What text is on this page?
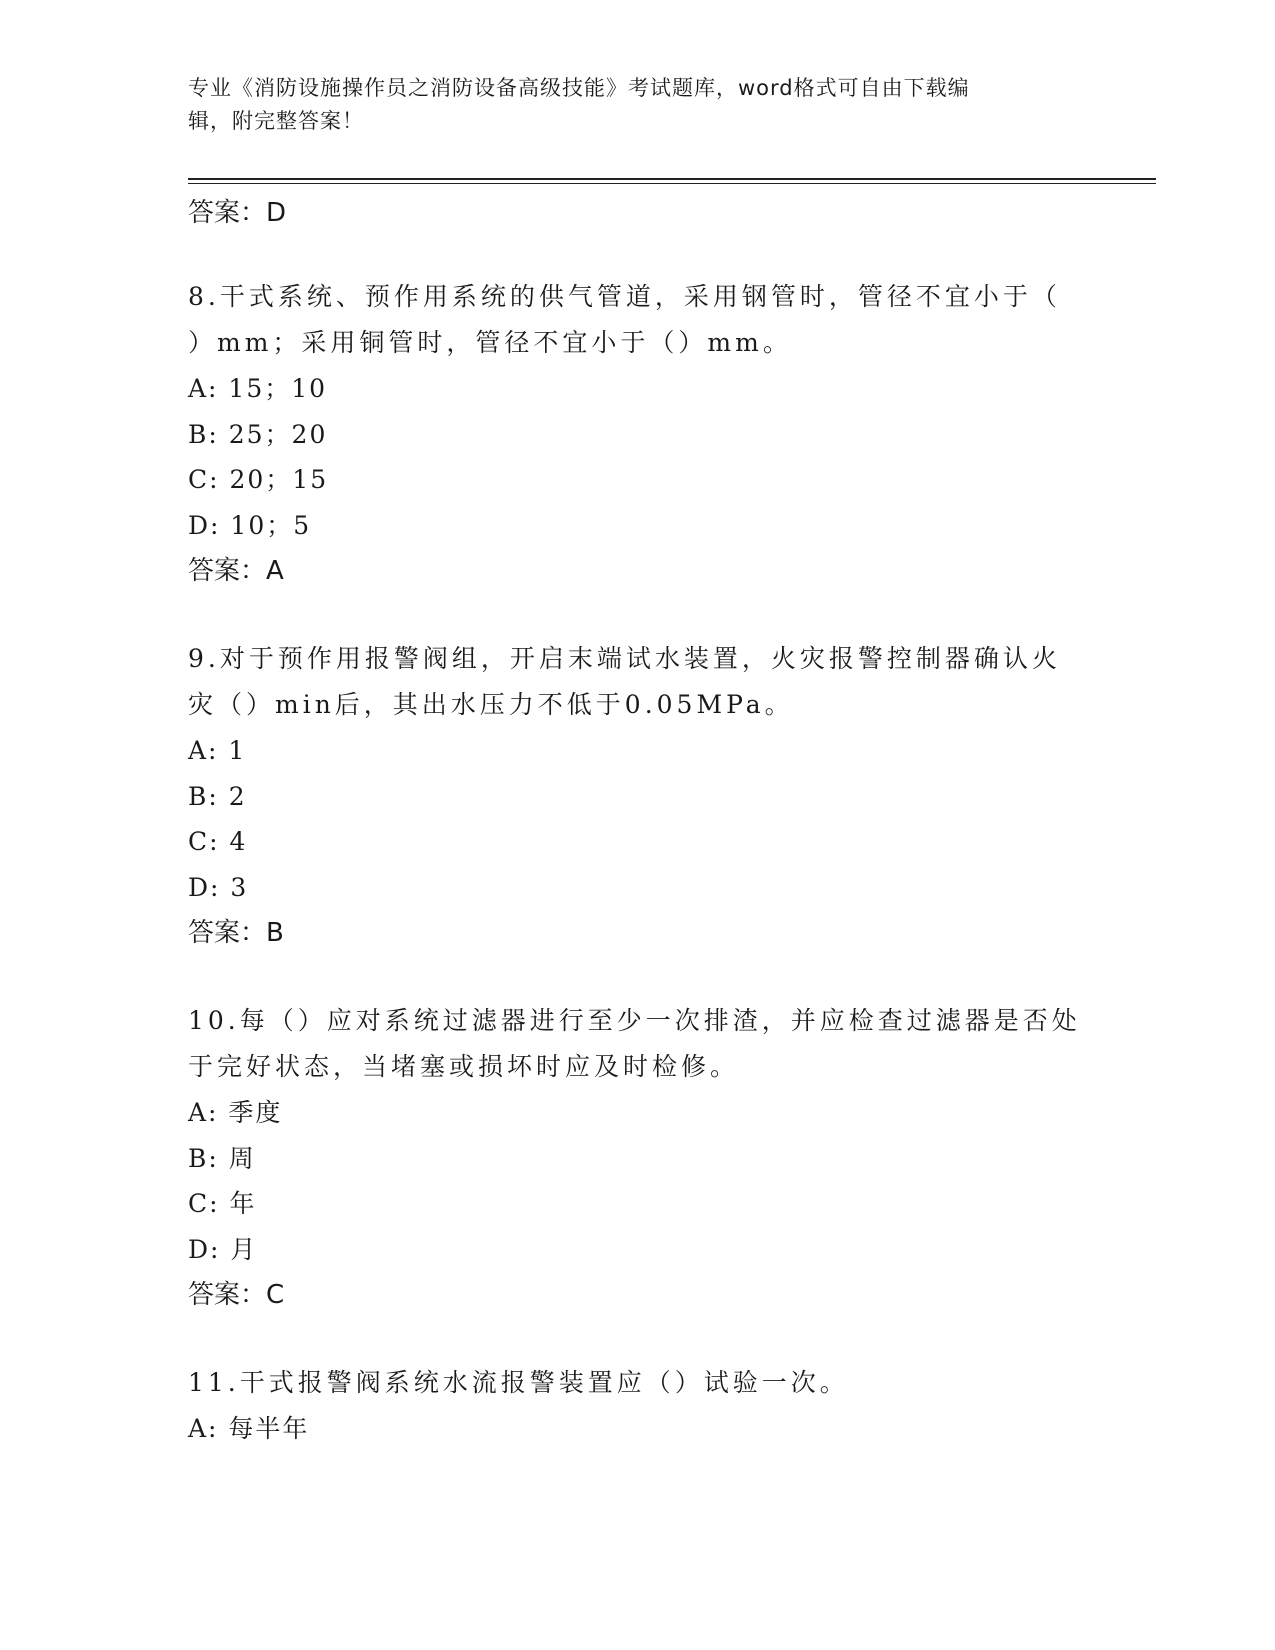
专业《消防设施操作员之消防设备高级技能》考试题库，word格式可自由下载编
辑，附完整答案！
答案：D
8.干式系统、预作用系统的供气管道，采用钢管时，管径不宜小于（
）mm；采用铜管时，管径不宜小于（）mm。
A: 15；10
B: 25；20
C: 20；15
D: 10；5
答案：A
9.对于预作用报警阀组，开启末端试水装置，火灾报警控制器确认火
灾（）min后，其出水压力不低于0.05MPa。
A: 1
B: 2
C: 4
D: 3
答案：B
10.每（）应对系统过滤器进行至少一次排渣，并应检查过滤器是否处
于完好状态，当堵塞或损坏时应及时检修。
A: 季度
B: 周
C: 年
D: 月
答案：C
11.干式报警阀系统水流报警装置应（）试验一次。
A: 每半年
